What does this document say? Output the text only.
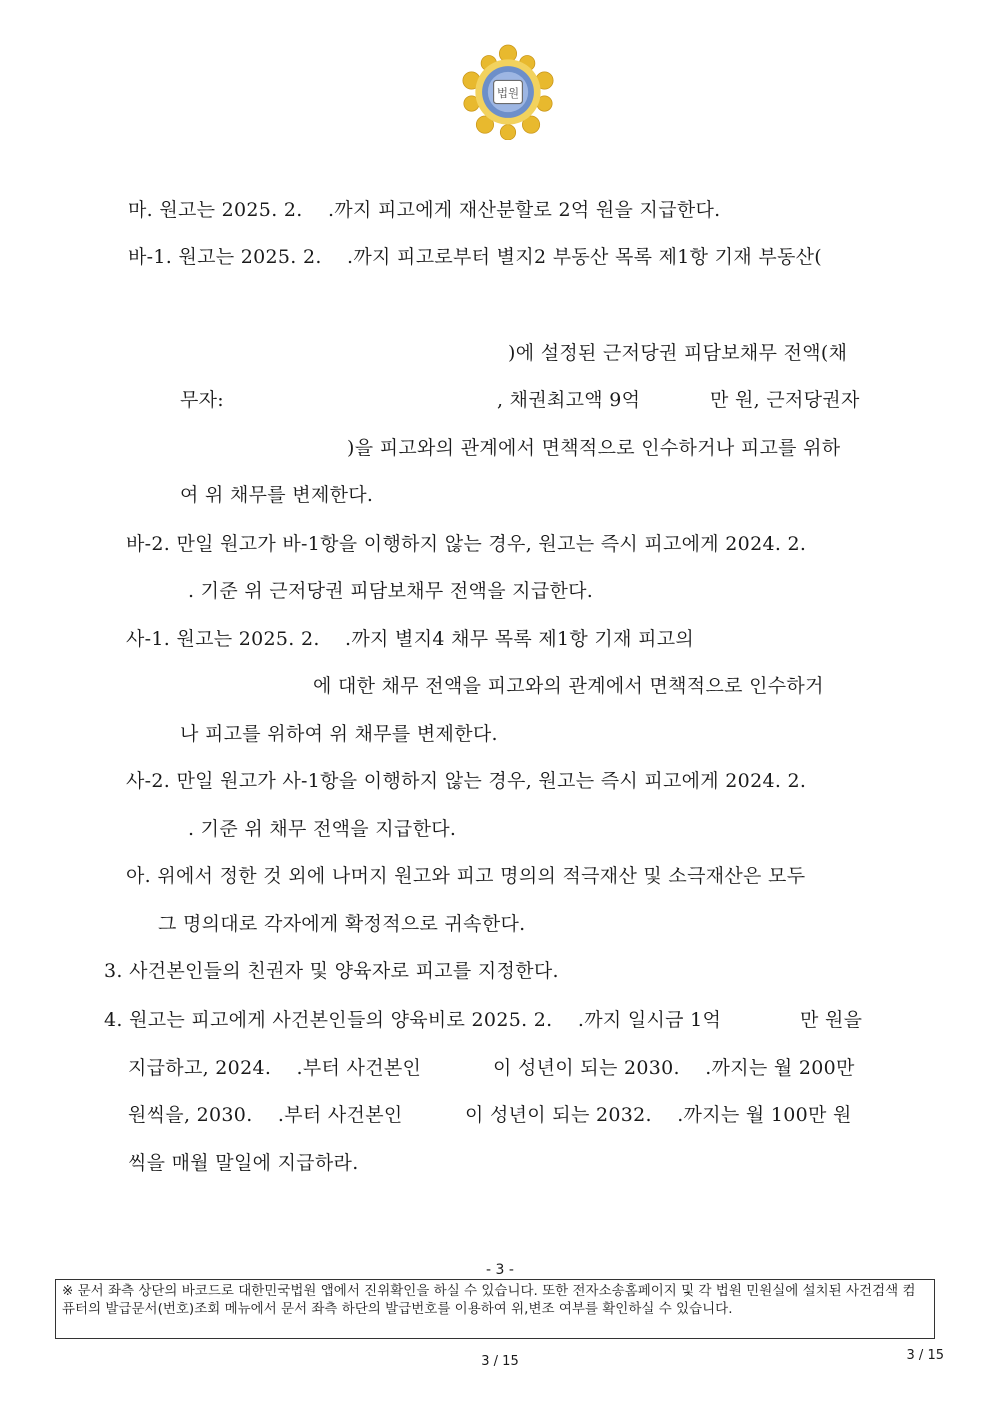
법원
마. 원고는 2025. 2.    .까지 피고에게 재산분할로 2억 원을 지급한다.
바-1. 원고는 2025. 2.    .까지 피고로부터 별지2 부동산 목록 제1항 기재 부동산(
)에 설정된 근저당권 피담보채무 전액(채
무자:	, 채권최고액 9억	만 원, 근저당권자
)을 피고와의 관계에서 면책적으로 인수하거나 피고를 위하
여 위 채무를 변제한다.
바-2. 만일 원고가 바-1항을 이행하지 않는 경우, 원고는 즉시 피고에게 2024. 2.
. 기준 위 근저당권 피담보채무 전액을 지급한다.
사-1. 원고는 2025. 2.    .까지 별지4 채무 목록 제1항 기재 피고의
에 대한 채무 전액을 피고와의 관계에서 면책적으로 인수하거
나 피고를 위하여 위 채무를 변제한다.
사-2. 만일 원고가 사-1항을 이행하지 않는 경우, 원고는 즉시 피고에게 2024. 2.
. 기준 위 채무 전액을 지급한다.
아. 위에서 정한 것 외에 나머지 원고와 피고 명의의 적극재산 및 소극재산은 모두
그 명의대로 각자에게 확정적으로 귀속한다.
3. 사건본인들의 친권자 및 양육자로 피고를 지정한다.
4. 원고는 피고에게 사건본인들의 양육비로 2025. 2.    .까지 일시금 1억	만 원을
지급하고, 2024.    .부터 사건본인	이 성년이 되는 2030.    .까지는 월 200만
원씩을, 2030.    .부터 사건본인	이 성년이 되는 2032.    .까지는 월 100만 원
씩을 매월 말일에 지급하라.
- 3 -
※ 문서 좌측 상단의 바코드로 대한민국법원 앱에서 진위확인을 하실 수 있습니다. 또한 전자소송홈페이지 및 각 법원 민원실에 설치된 사건검색 컴퓨터의 발급문서(번호)조회 메뉴에서 문서 좌측 하단의 발급번호를 이용하여 위,변조 여부를 확인하실 수 있습니다.
3 / 15	3 / 15
